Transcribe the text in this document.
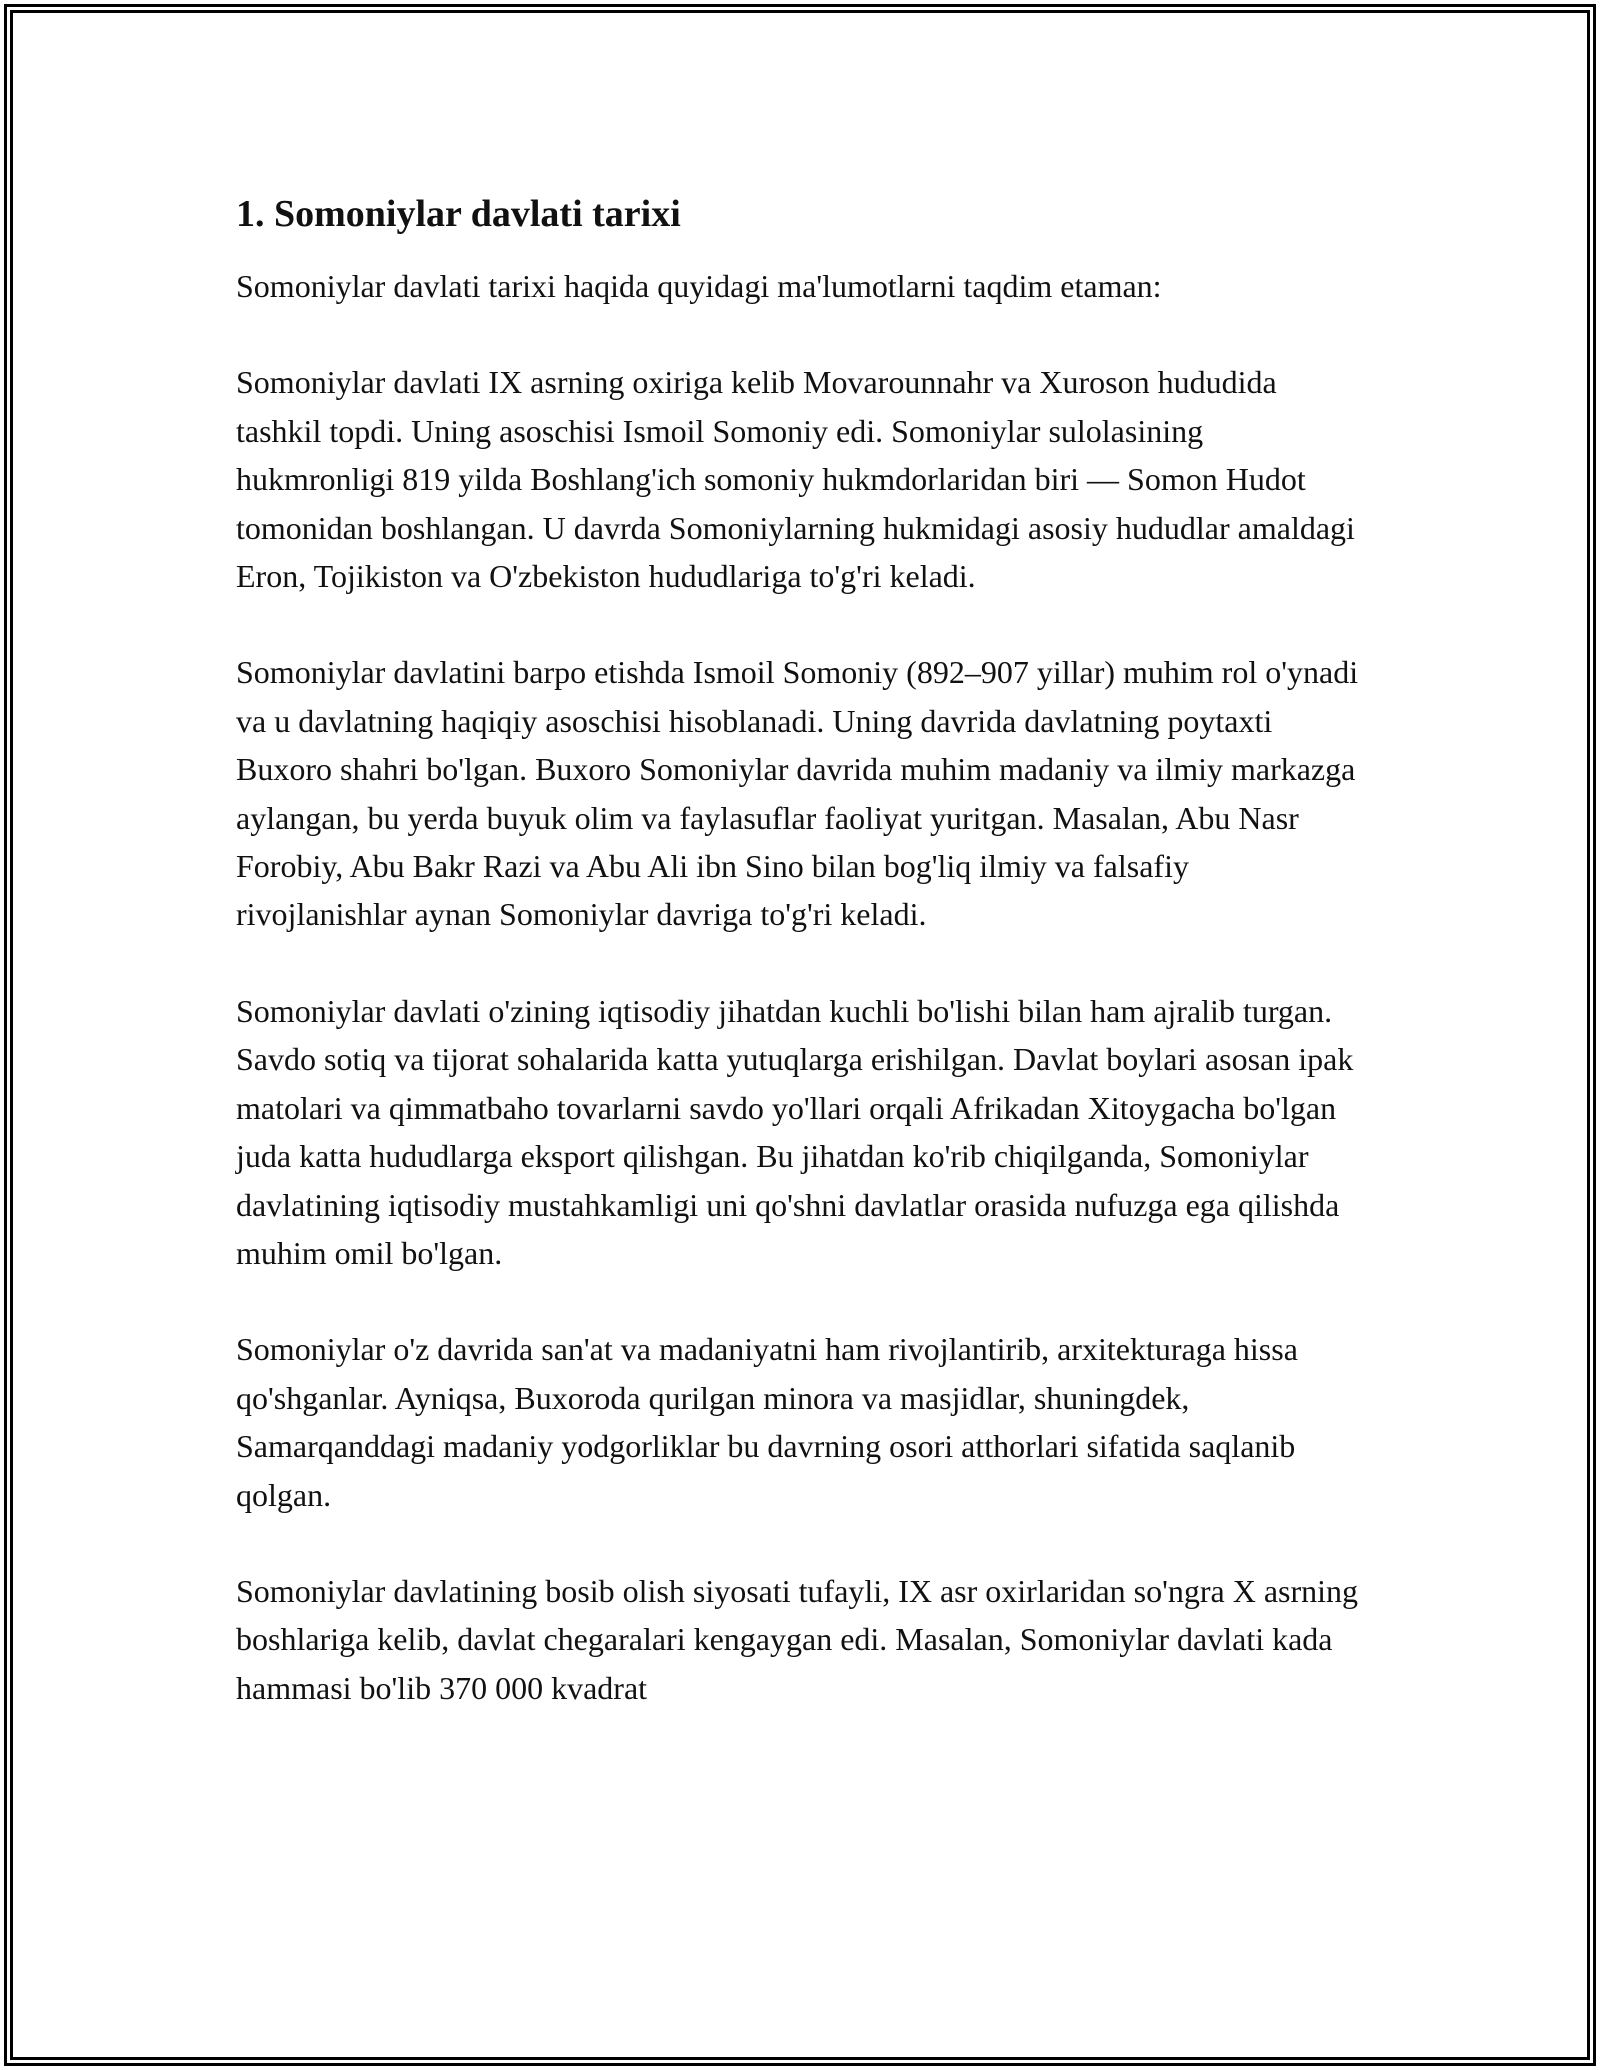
1. Somoniylar davlati tarixi

Somoniylar davlati tarixi haqida quyidagi ma'lumotlarni taqdim etaman:

Somoniylar davlati IX asrning oxiriga kelib Movarounnahr va Xuroson hududida tashkil topdi. Uning asoschisi Ismoil Somoniy edi. Somoniylar sulolasining hukmronligi 819 yilda Boshlang'ich somoniy hukmdorlaridan biri — Somon Hudot tomonidan boshlangan. U davrda Somoniylarning hukmidagi asosiy hududlar amaldagi Eron, Tojikiston va O'zbekiston hududlariga to'g'ri keladi.

Somoniylar davlatini barpo etishda Ismoil Somoniy (892–907 yillar) muhim rol o'ynadi va u davlatning haqiqiy asoschisi hisoblanadi. Uning davrida davlatning poytaxti Buxoro shahri bo'lgan. Buxoro Somoniylar davrida muhim madaniy va ilmiy markazga aylangan, bu yerda buyuk olim va faylasuflar faoliyat yuritgan. Masalan, Abu Nasr Forobiy, Abu Bakr Razi va Abu Ali ibn Sino bilan bog'liq ilmiy va falsafiy rivojlanishlar aynan Somoniylar davriga to'g'ri keladi.

Somoniylar davlati o'zining iqtisodiy jihatdan kuchli bo'lishi bilan ham ajralib turgan. Savdo sotiq va tijorat sohalarida katta yutuqlarga erishilgan. Davlat boylari asosan ipak matolari va qimmatbaho tovarlarni savdo yo'llari orqali Afrikadan Xitoygacha bo'lgan juda katta hududlarga eksport qilishgan. Bu jihatdan ko'rib chiqilganda, Somoniylar davlatining iqtisodiy mustahkamligi uni qo'shni davlatlar orasida nufuzga ega qilishda muhim omil bo'lgan.

Somoniylar o'z davrida san'at va madaniyatni ham rivojlantirib, arxitekturaga hissa qo'shganlar. Ayniqsa, Buxoroda qurilgan minora va masjidlar, shuningdek, Samarqanddagi madaniy yodgorliklar bu davrning osori atthorlari sifatida saqlanib qolgan.

Somoniylar davlatining bosib olish siyosati tufayli, IX asr oxirlaridan so'ngra X asrning boshlariga kelib, davlat chegaralari kengaygan edi. Masalan, Somoniylar davlati kada hammasi bo'lib 370 000 kvadrat
